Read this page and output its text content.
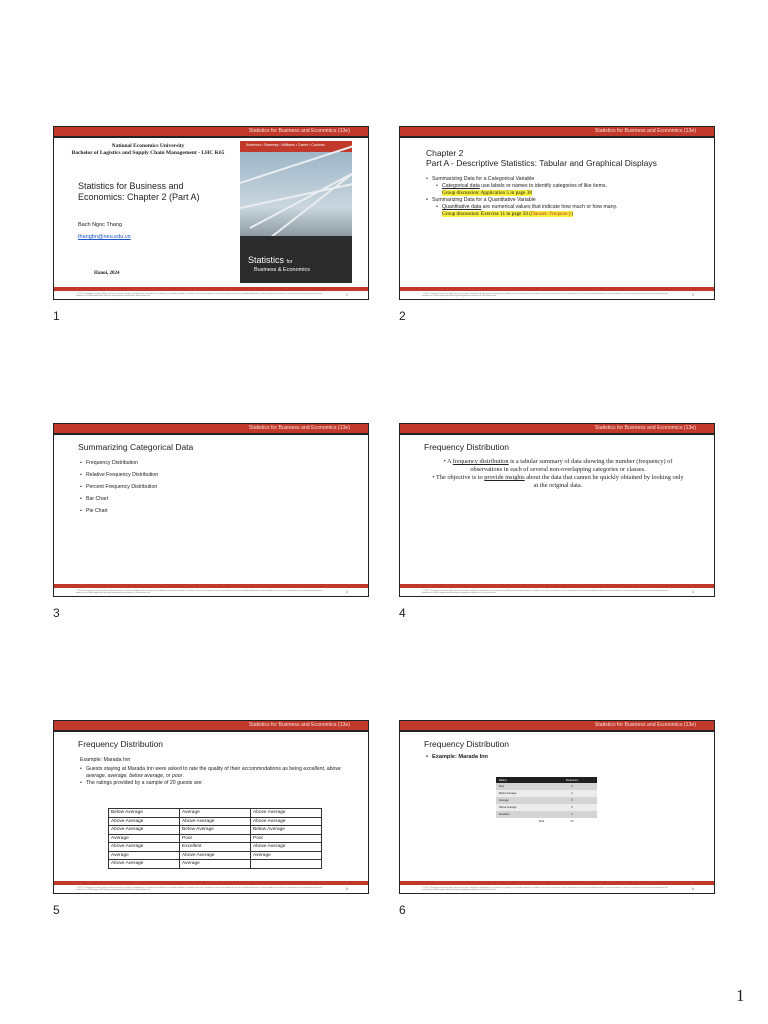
Statistics for Business and Economics (13e)
National Economics University
Bachelor of Logistics and Supply Chain Management - LHC K65
Statistics for Business and Economics: Chapter 2 (Part A)
Bach Ngoc Thang
thangbn@neu.edu.vn
Hanoi, 2024
Anderson • Sweeney • Williams • Camm • Cochran
Statistics for
Business & Economics
© 2017 Cengage Learning. May not be scanned, copied or duplicated, or posted to a publicly accessible website, in whole or in part, except for use as permitted in a license distributed with a certain product or service or otherwise on a password-protected website or school-approved learning management system for classroom use.	1
1
Statistics for Business and Economics (13e)
Chapter 2
Part A - Descriptive Statistics: Tabular and Graphical Displays
• Summarizing Data for a Categorical Variable
• Categorical data use labels or names to identify categories of like items.
Group discussion: Application 5 in page 38
• Summarizing Data for a Quantitative Variable
• Quantitative data are numerical values that indicate how much or how many.
Group discussion: Exercise 11 in page 50 (Dataset: Frequency)
© 2017 Cengage Learning. May not be scanned, copied or duplicated, or posted to a publicly accessible website, in whole or in part, except for use as permitted in a license distributed with a certain product or service or otherwise on a password-protected website or school-approved learning management system for classroom use.	2
2
Statistics for Business and Economics (13e)
Summarizing Categorical Data
• Frequency Distribution
• Relative Frequency Distribution
• Percent Frequency Distribution
• Bar Chart
• Pie Chart
© 2017 Cengage Learning. May not be scanned, copied or duplicated, or posted to a publicly accessible website, in whole or in part, except for use as permitted in a license distributed with a certain product or service or otherwise on a password-protected website or school-approved learning management system for classroom use.	3
3
Statistics for Business and Economics (13e)
Frequency Distribution
• A frequency distribution is a tabular summary of data showing the number (frequency) of observations in each of several non-overlapping categories or classes.
• The objective is to provide insights about the data that cannot be quickly obtained by looking only at the original data.
© 2017 Cengage Learning. May not be scanned, copied or duplicated, or posted to a publicly accessible website, in whole or in part, except for use as permitted in a license distributed with a certain product or service or otherwise on a password-protected website or school-approved learning management system for classroom use.	4
4
Statistics for Business and Economics (13e)
Frequency Distribution
Example: Marada Inn
• Guests staying at Marada Inn were asked to rate the quality of their accommodations as being excellent, above average, average, below average, or poor.
• The ratings provided by a sample of 20 guests are:
Below Average	Average	Above Average
Above Average	Above Average	Above Average
Above Average	Below Average	Below Average
Average	Poor	Poor
Above Average	Excellent	Above Average
Average	Above Average	Average
Above Average	Average	
© 2017 Cengage Learning. May not be scanned, copied or duplicated, or posted to a publicly accessible website, in whole or in part, except for use as permitted in a license distributed with a certain product or service or otherwise on a password-protected website or school-approved learning management system for classroom use.	5
5
Statistics for Business and Economics (13e)
Frequency Distribution
• Example: Marada Inn
Rating	Frequency
Poor	2
Below Average	3
Average	5
Above Average	9
Excellent	1
Total	20
© 2017 Cengage Learning. May not be scanned, copied or duplicated, or posted to a publicly accessible website, in whole or in part, except for use as permitted in a license distributed with a certain product or service or otherwise on a password-protected website or school-approved learning management system for classroom use.	6
6
1
